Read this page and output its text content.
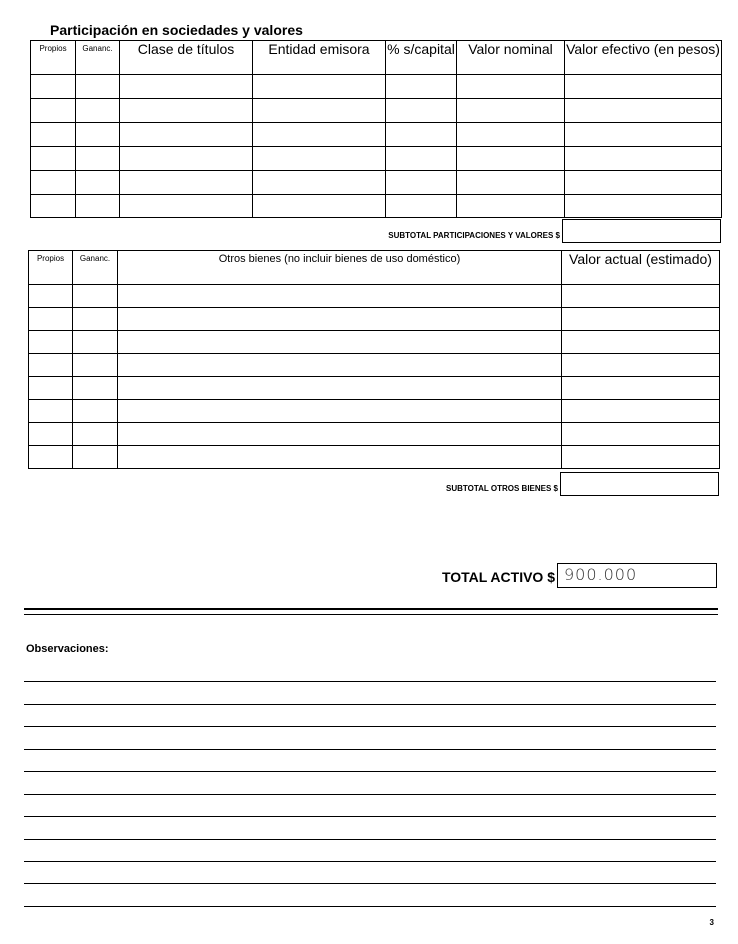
Participación en sociedades y valores
Propios	Gananc.	Clase de títulos	Entidad emisora	% s/capital	Valor nominal	Valor efectivo (en pesos)

SUBTOTAL PARTICIPACIONES Y VALORES $
Propios	Gananc.	Otros bienes (no incluir bienes de uso doméstico)	Valor actual (estimado)

SUBTOTAL OTROS BIENES $
TOTAL ACTIVO $ 900.000
Observaciones:
3
